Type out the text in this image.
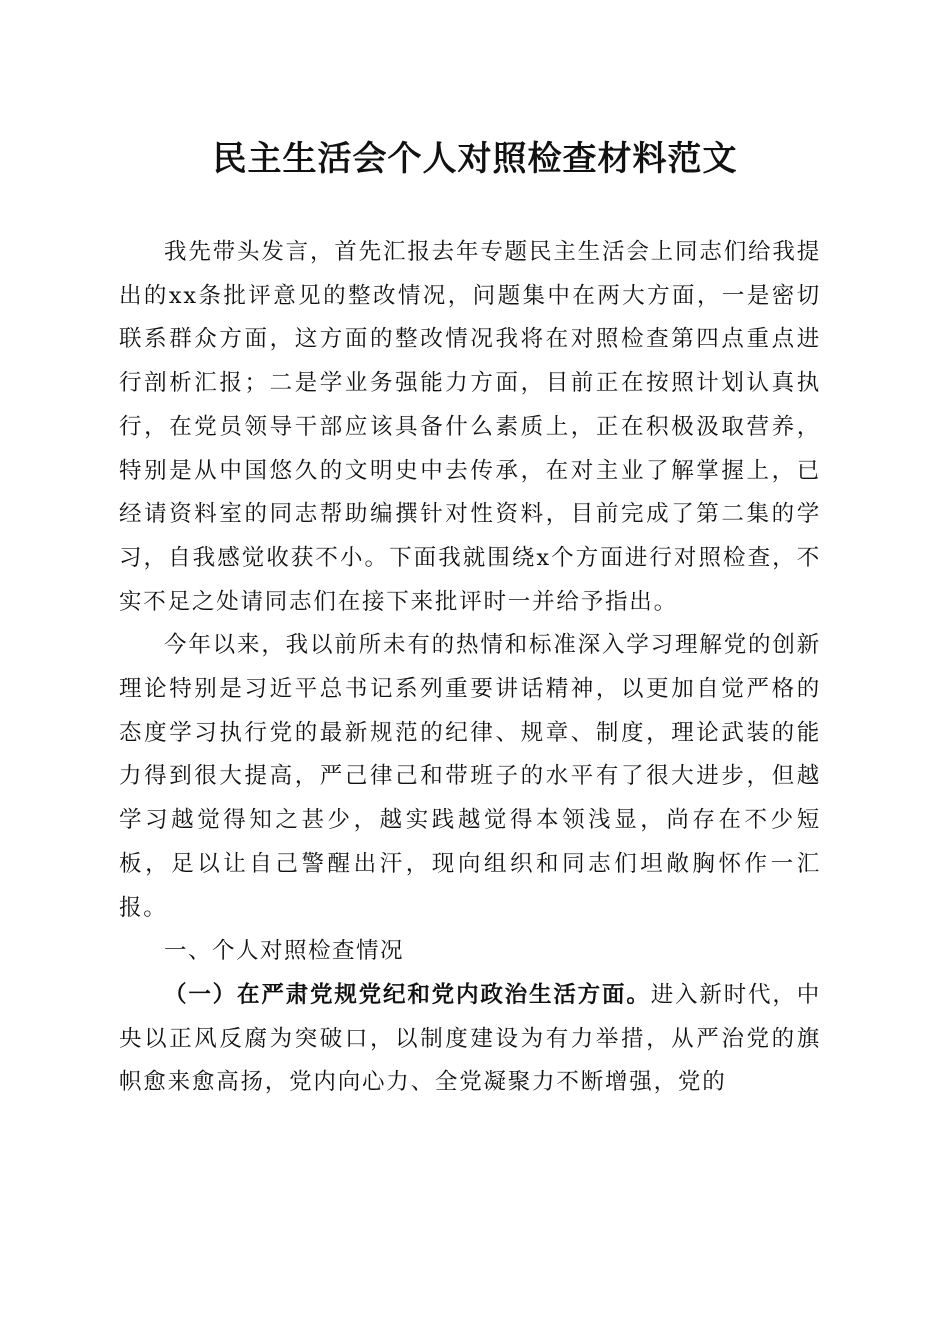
民主生活会个人对照检查材料范文

我先带头发言，首先汇报去年专题民主生活会上同志们给我提出的xx条批评意见的整改情况，问题集中在两大方面，一是密切联系群众方面，这方面的整改情况我将在对照检查第四点重点进行剖析汇报；二是学业务强能力方面，目前正在按照计划认真执行，在党员领导干部应该具备什么素质上，正在积极汲取营养，特别是从中国悠久的文明史中去传承，在对主业了解掌握上，已经请资料室的同志帮助编撰针对性资料，目前完成了第二集的学习，自我感觉收获不小。下面我就围绕x个方面进行对照检查，不实不足之处请同志们在接下来批评时一并给予指出。

今年以来，我以前所未有的热情和标准深入学习理解党的创新理论特别是习近平总书记系列重要讲话精神，以更加自觉严格的态度学习执行党的最新规范的纪律、规章、制度，理论武装的能力得到很大提高，严己律己和带班子的水平有了很大进步，但越学习越觉得知之甚少，越实践越觉得本领浅显，尚存在不少短板，足以让自己警醒出汗，现向组织和同志们坦敞胸怀作一汇报。

一、个人对照检查情况

（一）在严肃党规党纪和党内政治生活方面。进入新时代，中央以正风反腐为突破口，以制度建设为有力举措，从严治党的旗帜愈来愈高扬，党内向心力、全党凝聚力不断增强，党的
